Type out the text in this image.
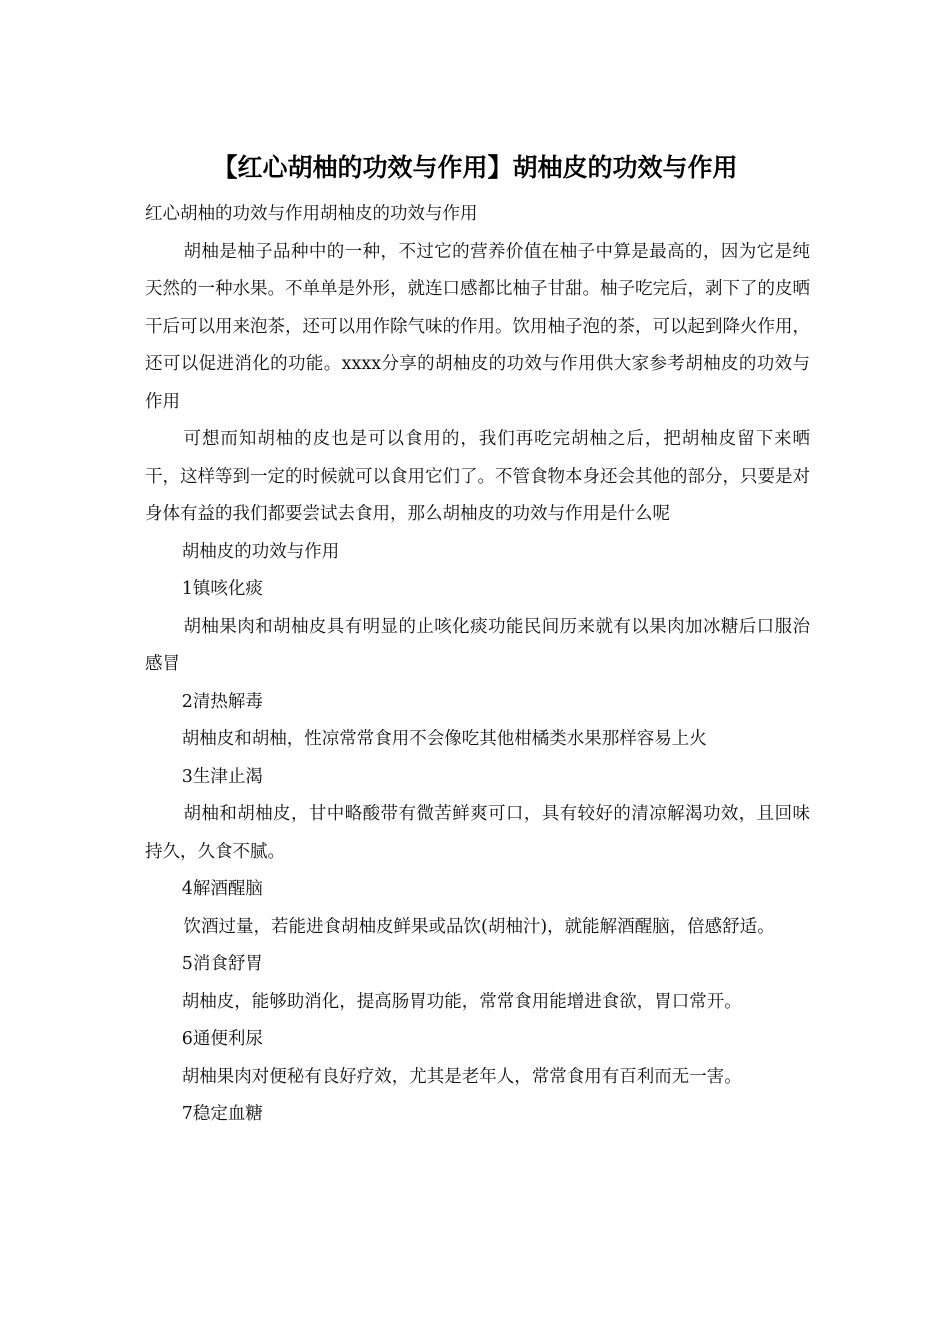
【红心胡柚的功效与作用】胡柚皮的功效与作用

红心胡柚的功效与作用胡柚皮的功效与作用

胡柚是柚子品种中的一种，不过它的营养价值在柚子中算是最高的，因为它是纯天然的一种水果。不单单是外形，就连口感都比柚子甘甜。柚子吃完后，剥下了的皮晒干后可以用来泡茶，还可以用作除气味的作用。饮用柚子泡的茶，可以起到降火作用，还可以促进消化的功能。xxxx分享的胡柚皮的功效与作用供大家参考胡柚皮的功效与作用

可想而知胡柚的皮也是可以食用的，我们再吃完胡柚之后，把胡柚皮留下来晒干，这样等到一定的时候就可以食用它们了。不管食物本身还会其他的部分，只要是对身体有益的我们都要尝试去食用，那么胡柚皮的功效与作用是什么呢

胡柚皮的功效与作用

1镇咳化痰

胡柚果肉和胡柚皮具有明显的止咳化痰功能民间历来就有以果肉加冰糖后口服治感冒

2清热解毒

胡柚皮和胡柚，性凉常常食用不会像吃其他柑橘类水果那样容易上火

3生津止渴

胡柚和胡柚皮，甘中略酸带有微苦鲜爽可口，具有较好的清凉解渴功效，且回味持久，久食不腻。

4解酒醒脑

饮酒过量，若能进食胡柚皮鲜果或品饮(胡柚汁)，就能解酒醒脑，倍感舒适。

5消食舒胃

胡柚皮，能够助消化，提高肠胃功能，常常食用能增进食欲，胃口常开。

6通便利尿

胡柚果肉对便秘有良好疗效，尤其是老年人，常常食用有百利而无一害。

7稳定血糖
